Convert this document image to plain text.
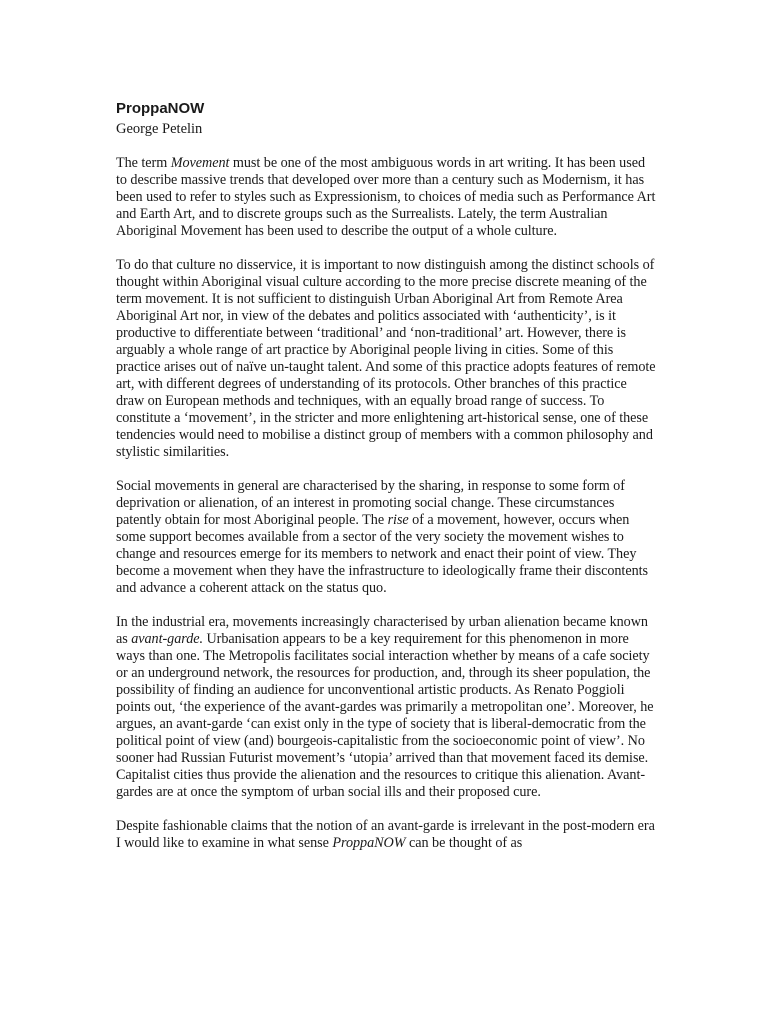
ProppaNOW
George Petelin

The term Movement must be one of the most ambiguous words in art writing. It has been used to describe massive trends that developed over more than a century such as Modernism, it has been used to refer to styles such as Expressionism, to choices of media such as Performance Art and Earth Art, and to discrete groups such as the Surrealists. Lately, the term Australian Aboriginal Movement has been used to describe the output of a whole culture.

To do that culture no disservice, it is important to now distinguish among the distinct schools of thought within Aboriginal visual culture according to the more precise discrete meaning of the term movement. It is not sufficient to distinguish Urban Aboriginal Art from Remote Area Aboriginal Art nor, in view of the debates and politics associated with ‘authenticity’, is it productive to differentiate between ‘traditional’ and ‘non-traditional’ art. However, there is arguably a whole range of art practice by Aboriginal people living in cities. Some of this practice arises out of naïve un-taught talent. And some of this practice adopts features of remote art, with different degrees of understanding of its protocols. Other branches of this practice draw on European methods and techniques, with an equally broad range of success. To constitute a ‘movement’, in the stricter and more enlightening art-historical sense, one of these tendencies would need to mobilise a distinct group of members with a common philosophy and stylistic similarities.

Social movements in general are characterised by the sharing, in response to some form of deprivation or alienation, of an interest in promoting social change. These circumstances patently obtain for most Aboriginal people. The rise of a movement, however, occurs when some support becomes available from a sector of the very society the movement wishes to change and resources emerge for its members to network and enact their point of view. They become a movement when they have the infrastructure to ideologically frame their discontents and advance a coherent attack on the status quo.

In the industrial era, movements increasingly characterised by urban alienation became known as avant-garde. Urbanisation appears to be a key requirement for this phenomenon in more ways than one. The Metropolis facilitates social interaction whether by means of a cafe society or an underground network, the resources for production, and, through its sheer population, the possibility of finding an audience for unconventional artistic products. As Renato Poggioli points out, ‘the experience of the avant-gardes was primarily a metropolitan one’. Moreover, he argues, an avant-garde ‘can exist only in the type of society that is liberal-democratic from the political point of view (and) bourgeois-capitalistic from the socioeconomic point of view’. No sooner had Russian Futurist movement’s ‘utopia’ arrived than that movement faced its demise. Capitalist cities thus provide the alienation and the resources to critique this alienation. Avant-gardes are at once the symptom of urban social ills and their proposed cure.

Despite fashionable claims that the notion of an avant-garde is irrelevant in the post-modern era I would like to examine in what sense ProppaNOW can be thought of as
